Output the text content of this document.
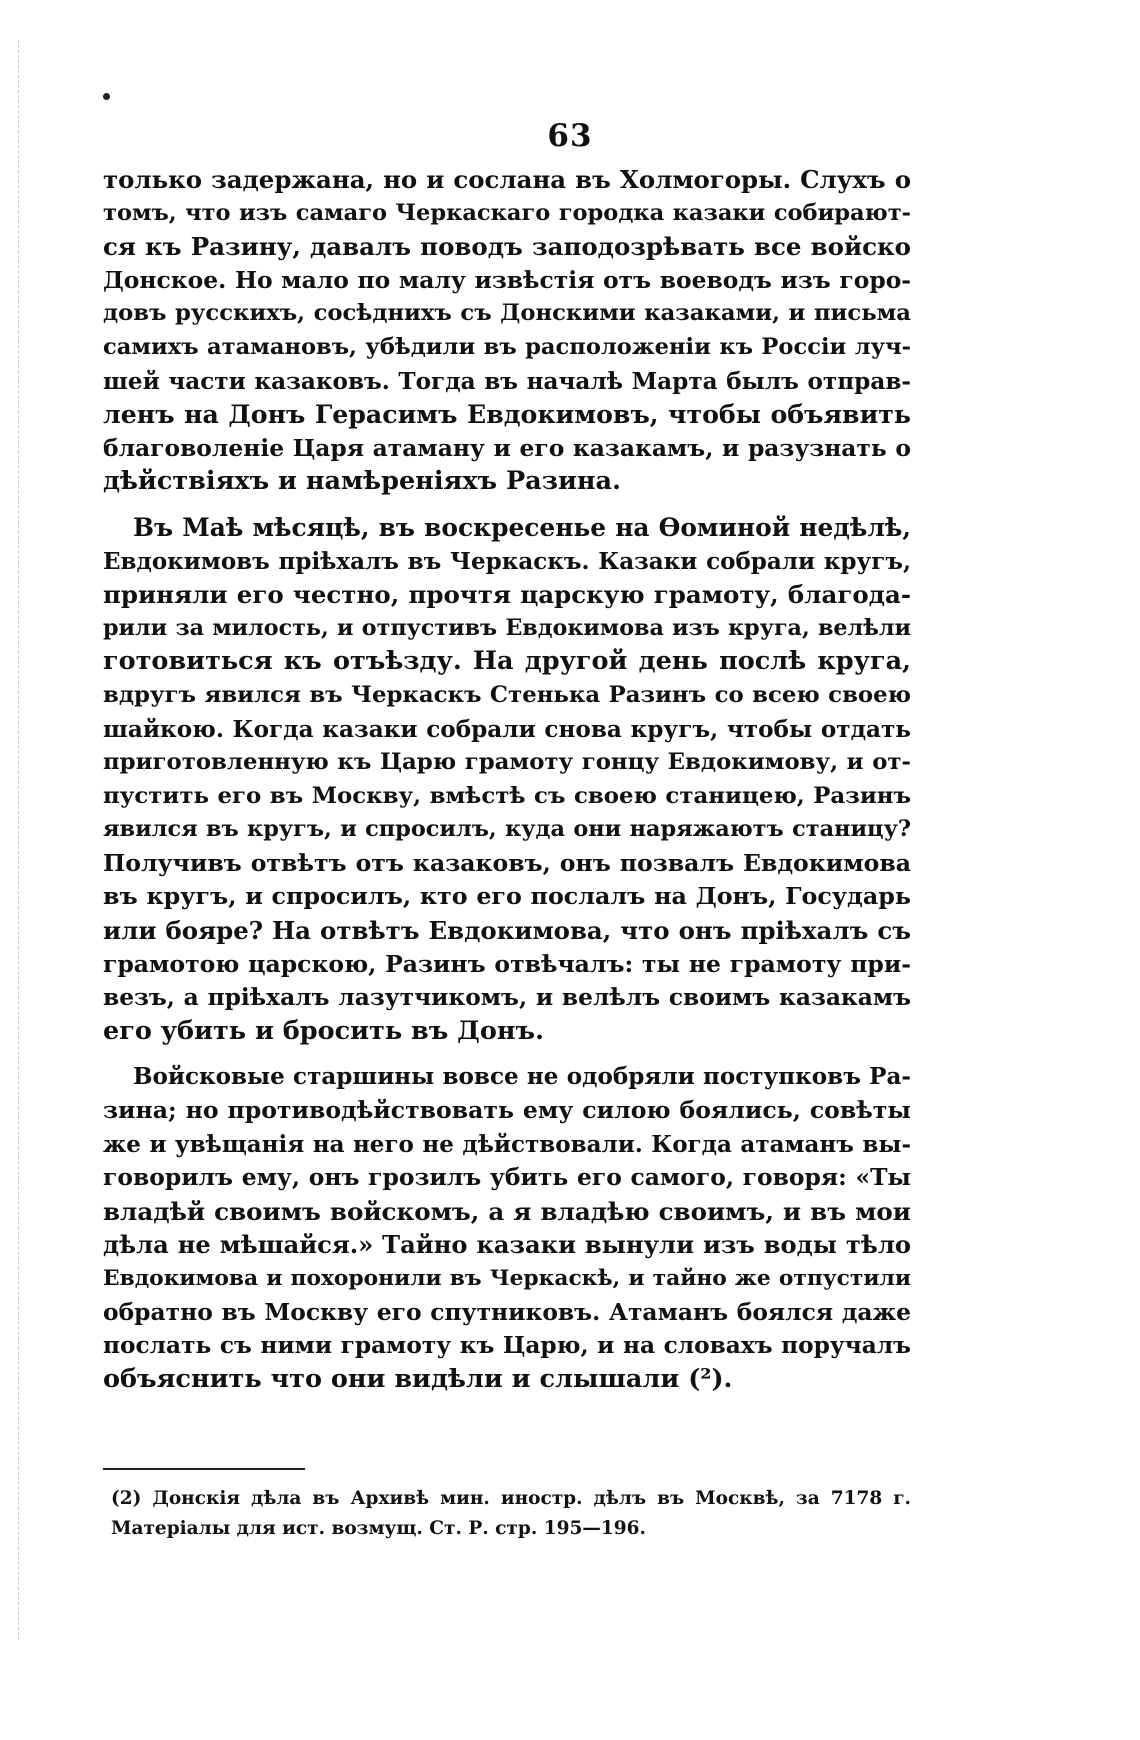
63
только задержана, но и сослана въ Холмогоры. Слухъ о
томъ, что изъ самаго Черкаскаго городка казаки собирают-
ся къ Разину, давалъ поводъ заподозрѣвать все войско
Донское. Но мало по малу извѣстія отъ воеводъ изъ горо-
довъ русскихъ, сосѣднихъ съ Донскими казаками, и письма
самихъ атамановъ, убѣдили въ расположеніи къ Россіи луч-
шей части казаковъ. Тогда въ началѣ Марта былъ отправ-
ленъ на Донъ Герасимъ Евдокимовъ, чтобы объявить
благоволеніе Царя атаману и его казакамъ, и разузнать о
дѣйствіяхъ и намѣреніяхъ Разина.
Въ Маѣ мѣсяцѣ, въ воскресенье на Ѳоминой недѣлѣ,
Евдокимовъ пріѣхалъ въ Черкаскъ. Казаки собрали кругъ,
приняли его честно, прочтя царскую грамоту, благода-
рили за милость, и отпустивъ Евдокимова изъ круга, велѣли
готовиться къ отъѣзду. На другой день послѣ круга,
вдругъ явился въ Черкаскъ Стенька Разинъ со всею своею
шайкою. Когда казаки собрали снова кругъ, чтобы отдать
приготовленную къ Царю грамоту гонцу Евдокимову, и от-
пустить его въ Москву, вмѣстѣ съ своею станицею, Разинъ
явился въ кругъ, и спросилъ, куда они наряжаютъ станицу?
Получивъ отвѣтъ отъ казаковъ, онъ позвалъ Евдокимова
въ кругъ, и спросилъ, кто его послалъ на Донъ, Государь
или бояре? На отвѣтъ Евдокимова, что онъ пріѣхалъ съ
грамотою царскою, Разинъ отвѣчалъ: ты не грамоту при-
везъ, а пріѣхалъ лазутчикомъ, и велѣлъ своимъ казакамъ
его убить и бросить въ Донъ.
Войсковые старшины вовсе не одобряли поступковъ Ра-
зина; но противодѣйствовать ему силою боялись, совѣты
же и увѣщанія на него не дѣйствовали. Когда атаманъ вы-
говорилъ ему, онъ грозилъ убить его самого, говоря: «Ты
владѣй своимъ войскомъ, а я владѣю своимъ, и въ мои
дѣла не мѣшайся.» Тайно казаки вынули изъ воды тѣло
Евдокимова и похоронили въ Черкаскѣ, и тайно же отпустили
обратно въ Москву его спутниковъ. Атаманъ боялся даже
послать съ ними грамоту къ Царю, и на словахъ поручалъ
объяснить что они видѣли и слышали (²).
(2) Донскія дѣла въ Архивѣ мин. иностр. дѣлъ въ Москвѣ, за 7178 г.
Матеріалы для ист. возмущ. Ст. Р. стр. 195—196.
